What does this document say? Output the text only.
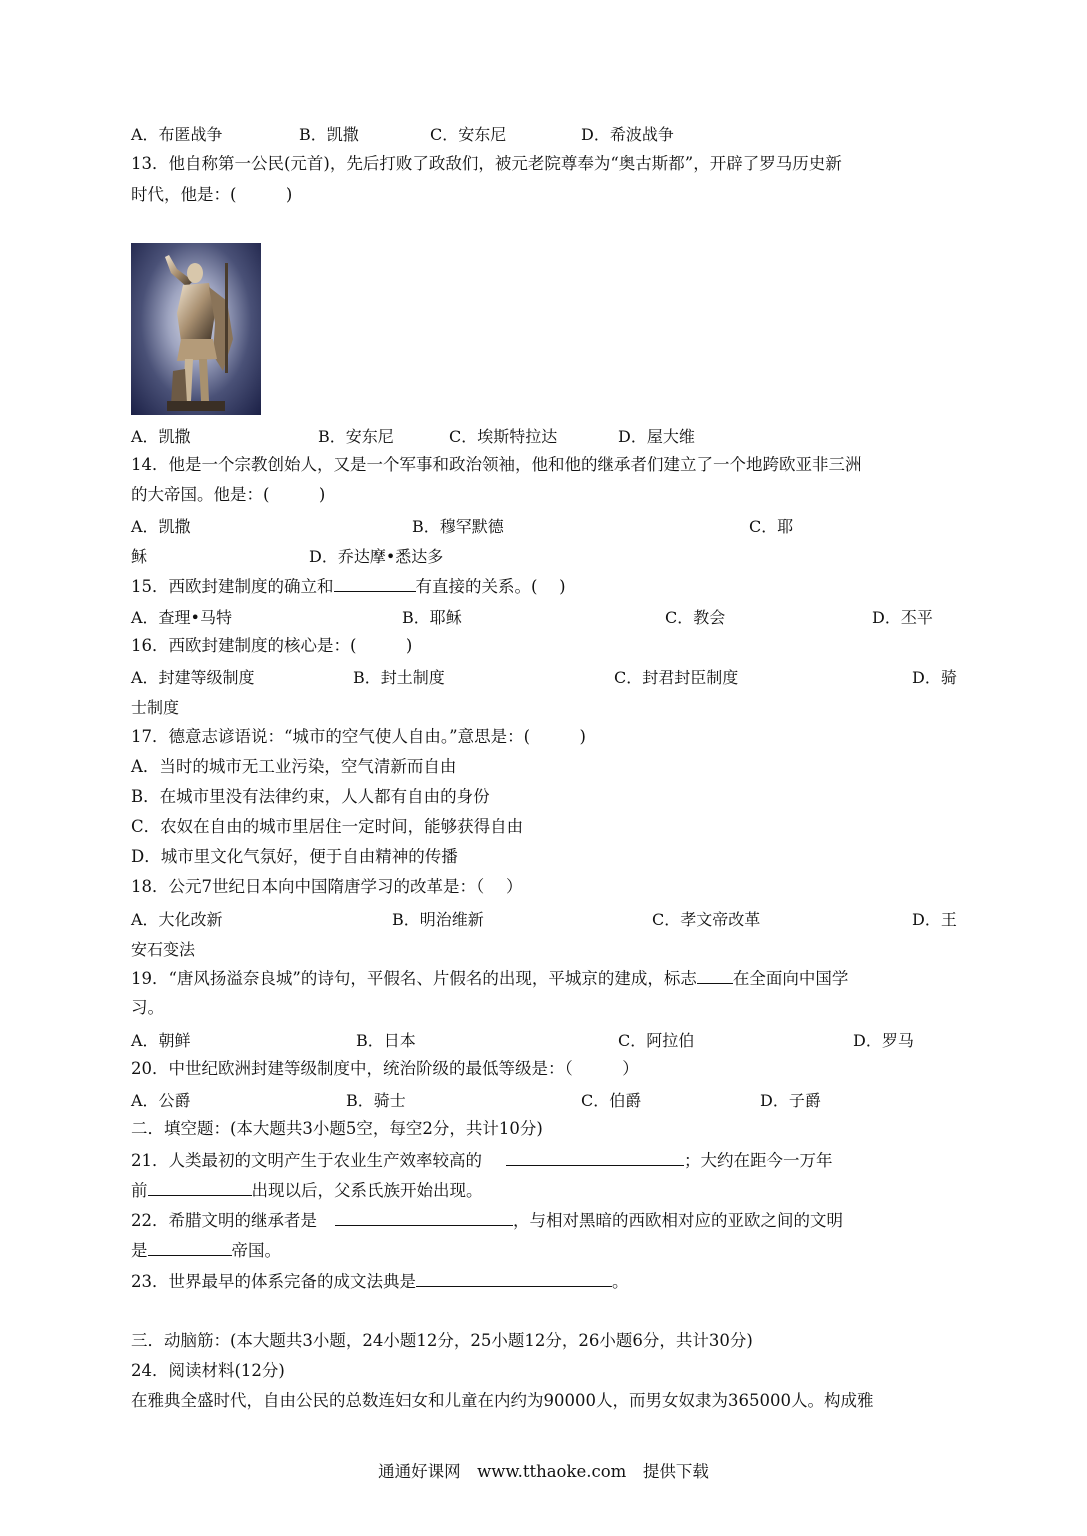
A．布匿战争	B．凯撒	C．安东尼	D．希波战争
13．他自称第一公民(元首)，先后打败了政敌们，被元老院尊奉为“奥古斯都”，开辟了罗马历史新
时代，他是：(　　　)
A．凯撒	B．安东尼	C．埃斯特拉达	D．屋大维
14．他是一个宗教创始人，又是一个军事和政治领袖，他和他的继承者们建立了一个地跨欧亚非三洲
的大帝国。他是：(　　　)
A．凯撒	B．穆罕默德	C．耶
稣	D．乔达摩•悉达多
15．西欧封建制度的确立和	有直接的关系。(　 )
A．查理•马特	B．耶稣	C．教会	D．丕平
16．西欧封建制度的核心是：(　　　)
A．封建等级制度	B．封土制度	C．封君封臣制度	D．骑
士制度
17．德意志谚语说：“城市的空气使人自由。”意思是：(　　　)
A．当时的城市无工业污染，空气清新而自由
B．在城市里没有法律约束，人人都有自由的身份
C．农奴在自由的城市里居住一定时间，能够获得自由
D．城市里文化气氛好，便于自由精神的传播
18．公元7世纪日本向中国隋唐学习的改革是：（　 ）
A．大化改新	B．明治维新	C．孝文帝改革	D．王
安石变法
19．“唐风扬溢奈良城”的诗句，平假名、片假名的出现，平城京的建成，标志 在全面向中国学
习。
A．朝鲜	B．日本	C．阿拉伯	D．罗马
20．中世纪欧洲封建等级制度中，统治阶级的最低等级是：（　　　）
A．公爵	B．骑士	C．伯爵	D．子爵
二．填空题：(本大题共3小题5空，每空2分，共计10分)
21．人类最初的文明产生于农业生产效率较高的	；大约在距今一万年
前	出现以后，父系氏族开始出现。
22．希腊文明的继承者是	，与相对黑暗的西欧相对应的亚欧之间的文明
是	帝国。
23．世界最早的体系完备的成文法典是	。
三．动脑筋：(本大题共3小题，24小题12分，25小题12分，26小题6分，共计30分)
24．阅读材料(12分)
在雅典全盛时代，自由公民的总数连妇女和儿童在内约为90000人，而男女奴隶为365000人。构成雅
通通好课网　www.tthaoke.com　提供下载
